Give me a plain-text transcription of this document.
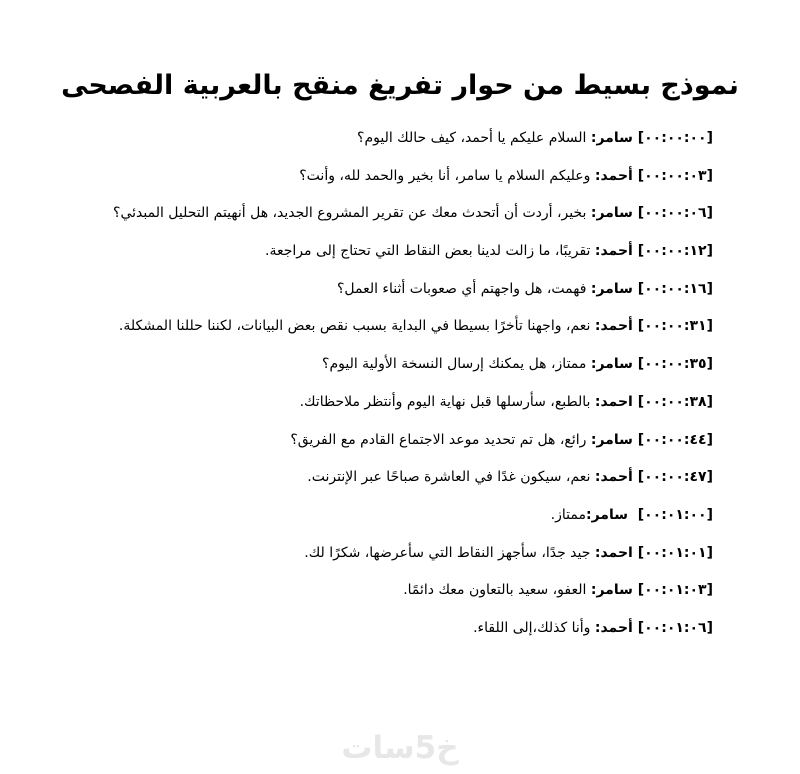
نموذج بسيط من حوار تفريغ منقح بالعربية الفصحى

[٠٠:٠٠:٠٠] سامر: السلام عليكم يا أحمد، كيف حالك اليوم؟

[٠٠:٠٠:٠٣] أحمد: وعليكم السلام يا سامر، أنا بخير والحمد لله، وأنت؟

[٠٠:٠٠:٠٦] سامر: بخير، أردت أن أتحدث معك عن تقرير المشروع الجديد، هل أنهيتم التحليل المبدئي؟

[٠٠:٠٠:١٢] أحمد: تقريبًا، ما زالت لدينا بعض النقاط التي تحتاج إلى مراجعة.

[٠٠:٠٠:١٦] سامر: فهمت، هل واجهتم أي صعوبات أثناء العمل؟

[٠٠:٠٠:٣١] أحمد: نعم، واجهنا تأخرًا بسيطا في البداية بسبب نقص بعض البيانات، لكننا حللنا المشكلة.

[٠٠:٠٠:٣٥] سامر: ممتاز، هل يمكنك إرسال النسخة الأولية اليوم؟

[٠٠:٠٠:٣٨] احمد: بالطبع، سأرسلها قبل نهاية اليوم وأنتظر ملاحظاتك.

[٠٠:٠٠:٤٤] سامر: رائع، هل تم تحديد موعد الاجتماع القادم مع الفريق؟

[٠٠:٠٠:٤٧] أحمد: نعم، سيكون غدًا في العاشرة صباحًا عبر الإنترنت.

[٠٠:٠١:٠٠]  سامر:ممتاز.

[٠٠:٠١:٠١] احمد: جيد جدًا، سأجهز النقاط التي سأعرضها، شكرًا لك.

[٠٠:٠١:٠٣] سامر: العفو، سعيد بالتعاون معك دائمًا.

[٠٠:٠١:٠٦] أحمد: وأنا كذلك،إلى اللقاء.

خ5سات
